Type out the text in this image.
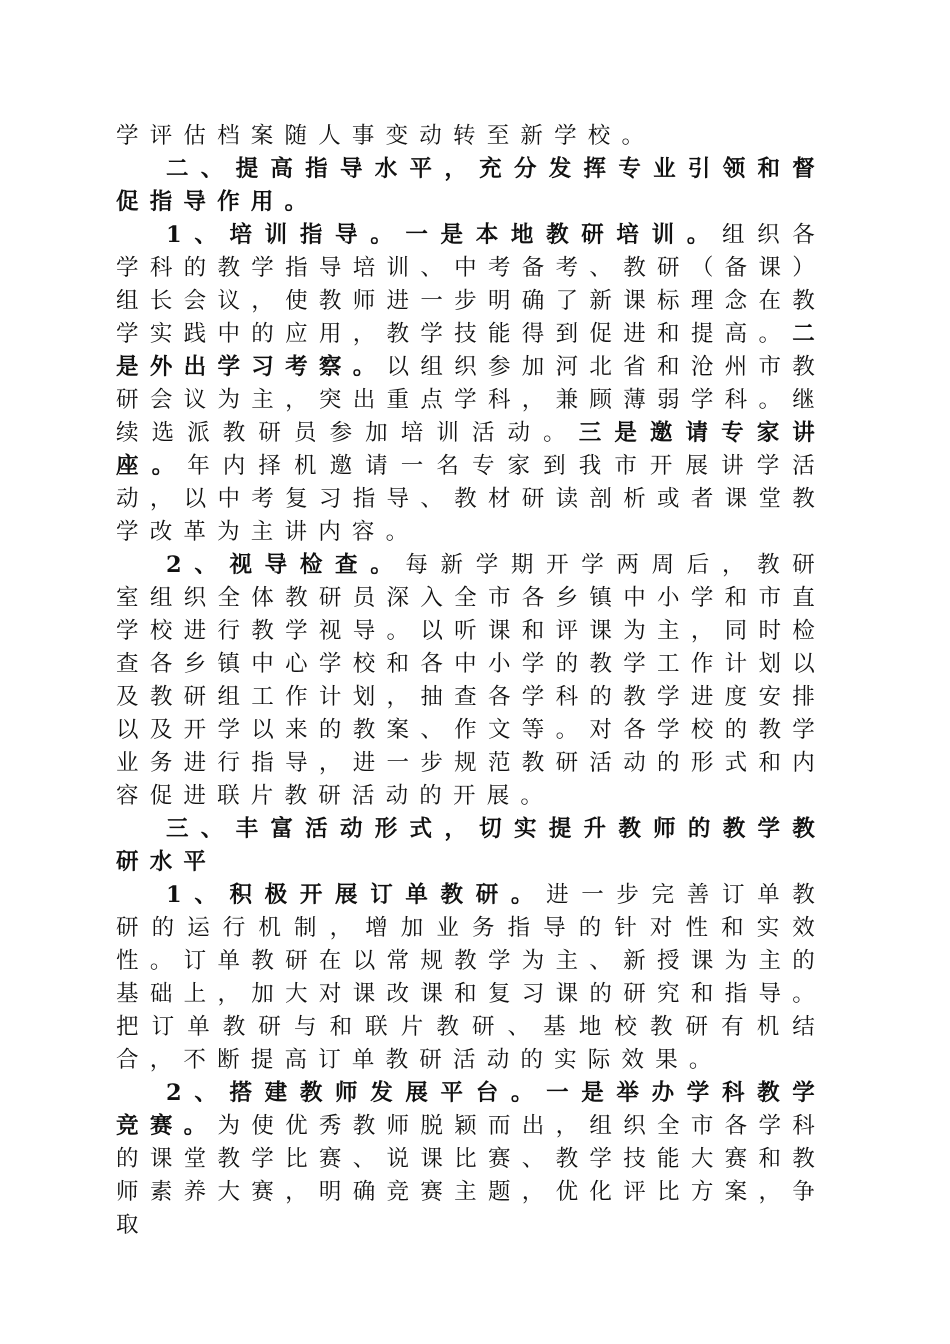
学评估档案随人事变动转至新学校。

二、提高指导水平，充分发挥专业引领和督促指导作用。

1、培训指导。一是本地教研培训。组织各学科的教学指导培训、中考备考、教研（备课）组长会议，使教师进一步明确了新课标理念在教学实践中的应用，教学技能得到促进和提高。二是外出学习考察。以组织参加河北省和沧州市教研会议为主，突出重点学科，兼顾薄弱学科。继续选派教研员参加培训活动。三是邀请专家讲座。年内择机邀请一名专家到我市开展讲学活动，以中考复习指导、教材研读剖析或者课堂教学改革为主讲内容。

2、视导检查。每新学期开学两周后，教研室组织全体教研员深入全市各乡镇中小学和市直学校进行教学视导。以听课和评课为主，同时检查各乡镇中心学校和各中小学的教学工作计划以及教研组工作计划，抽查各学科的教学进度安排以及开学以来的教案、作文等。对各学校的教学业务进行指导，进一步规范教研活动的形式和内容促进联片教研活动的开展。

三、丰富活动形式，切实提升教师的教学教研水平

1、积极开展订单教研。进一步完善订单教研的运行机制，增加业务指导的针对性和实效性。订单教研在以常规教学为主、新授课为主的基础上，加大对课改课和复习课的研究和指导。把订单教研与和联片教研、基地校教研有机结合，不断提高订单教研活动的实际效果。

2、搭建教师发展平台。一是举办学科教学竞赛。为使优秀教师脱颖而出，组织全市各学科的课堂教学比赛、说课比赛、教学技能大赛和教师素养大赛，明确竞赛主题，优化评比方案，争取
